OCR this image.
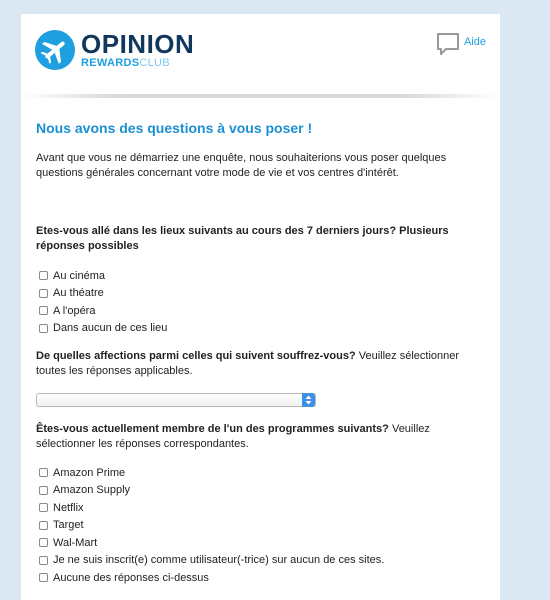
OPINION
REWARDS CLUB
Aide
Nous avons des questions à vous poser !

Avant que vous ne démarriez une enquête, nous souhaiterions vous poser quelques questions générales concernant votre mode de vie et vos centres d'intérêt.

Etes-vous allé dans les lieux suivants au cours des 7 derniers jours? Plusieurs réponses possibles

Au cinéma
Au théatre
A l'opéra
Dans aucun de ces lieu

De quelles affections parmi celles qui suivent souffrez-vous? Veuillez sélectionner toutes les réponses applicables.

Êtes-vous actuellement membre de l'un des programmes suivants? Veuillez sélectionner les réponses correspondantes.

Amazon Prime
Amazon Supply
Netflix
Target
Wal-Mart
Je ne suis inscrit(e) comme utilisateur(-trice) sur aucun de ces sites.
Aucune des réponses ci-dessus
